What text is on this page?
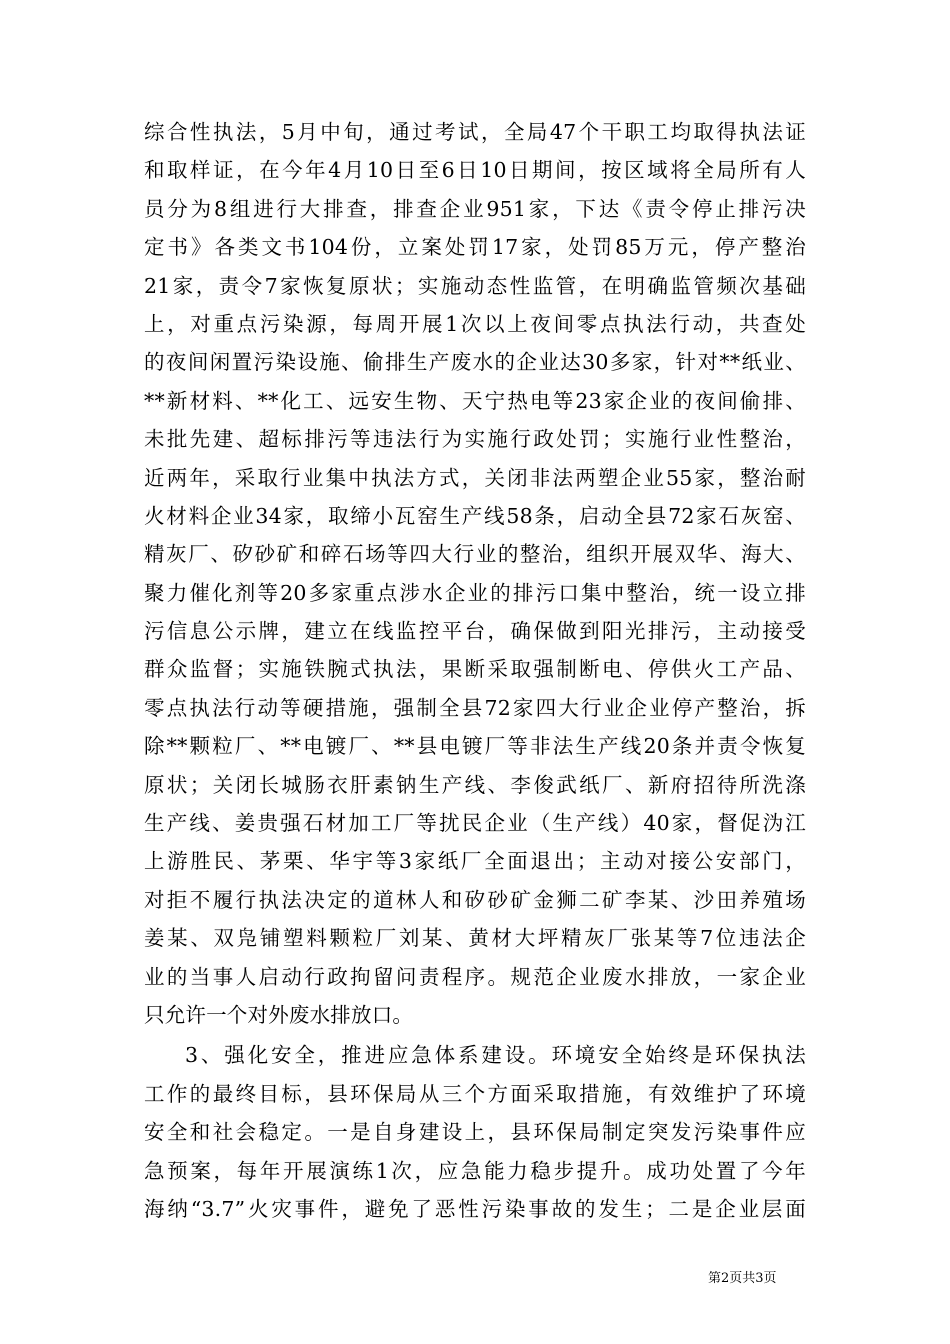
综合性执法，5月中旬，通过考试，全局47个干职工均取得执法证
和取样证，在今年4月10日至6日10日期间，按区域将全局所有人
员分为8组进行大排查，排查企业951家，下达《责令停止排污决
定书》各类文书104份，立案处罚17家，处罚85万元，停产整治
21家，责令7家恢复原状；实施动态性监管，在明确监管频次基础
上，对重点污染源，每周开展1次以上夜间零点执法行动，共查处
的夜间闲置污染设施、偷排生产废水的企业达30多家，针对**纸业、
**新材料、**化工、远安生物、天宁热电等23家企业的夜间偷排、
未批先建、超标排污等违法行为实施行政处罚；实施行业性整治，
近两年，采取行业集中执法方式，关闭非法两塑企业55家，整治耐
火材料企业34家，取缔小瓦窑生产线58条，启动全县72家石灰窑、
精灰厂、矽砂矿和碎石场等四大行业的整治，组织开展双华、海大、
聚力催化剂等20多家重点涉水企业的排污口集中整治，统一设立排
污信息公示牌，建立在线监控平台，确保做到阳光排污，主动接受
群众监督；实施铁腕式执法，果断采取强制断电、停供火工产品、
零点执法行动等硬措施，强制全县72家四大行业企业停产整治，拆
除**颗粒厂、**电镀厂、**县电镀厂等非法生产线20条并责令恢复
原状；关闭长城肠衣肝素钠生产线、李俊武纸厂、新府招待所洗涤
生产线、姜贵强石材加工厂等扰民企业（生产线）40家，督促沩江
上游胜民、茅栗、华宇等3家纸厂全面退出；主动对接公安部门，
对拒不履行执法决定的道林人和矽砂矿金狮二矿李某、沙田养殖场
姜某、双凫铺塑料颗粒厂刘某、黄材大坪精灰厂张某等7位违法企
业的当事人启动行政拘留问责程序。规范企业废水排放，一家企业
只允许一个对外废水排放口。
3、强化安全，推进应急体系建设。环境安全始终是环保执法
工作的最终目标，县环保局从三个方面采取措施，有效维护了环境
安全和社会稳定。一是自身建设上，县环保局制定突发污染事件应
急预案，每年开展演练1次，应急能力稳步提升。成功处置了今年
海纳“3.7”火灾事件，避免了恶性污染事故的发生；二是企业层面
第2页共3页
